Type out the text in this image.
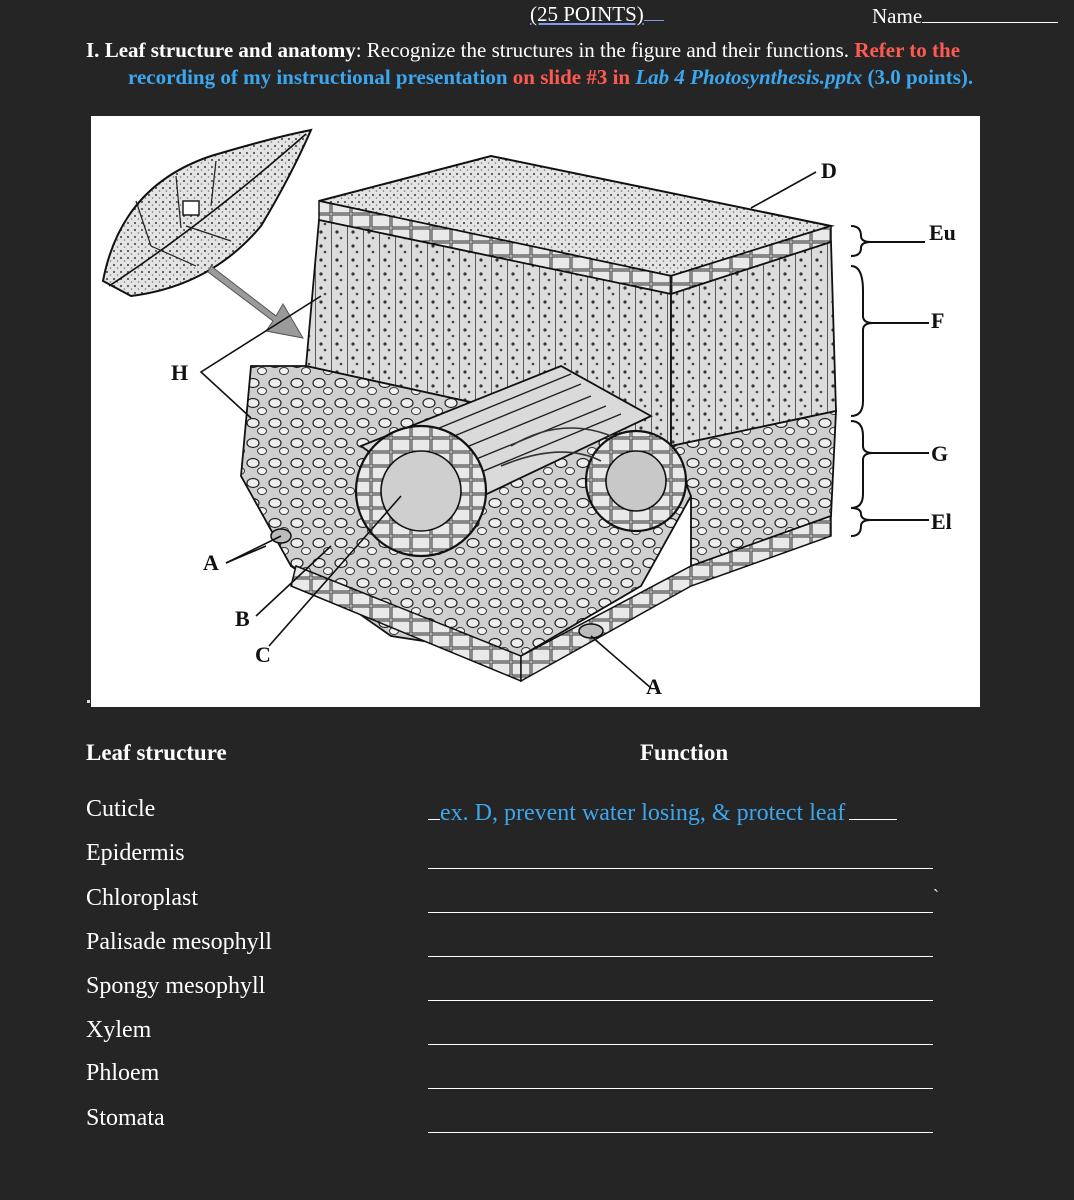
(25 POINTS)	Name
I. Leaf structure and anatomy: Recognize the structures in the figure and their functions. Refer to the
recording of my instructional presentation on slide #3 in Lab 4 Photosynthesis.pptx (3.0 points).
D
Eu
F
G
El
H
A
B
C
A
Leaf structure	Function
Cuticle	ex. D, prevent water losing, & protect leaf
Epidermis
Chloroplast	`
Palisade mesophyll
Spongy mesophyll
Xylem
Phloem
Stomata
